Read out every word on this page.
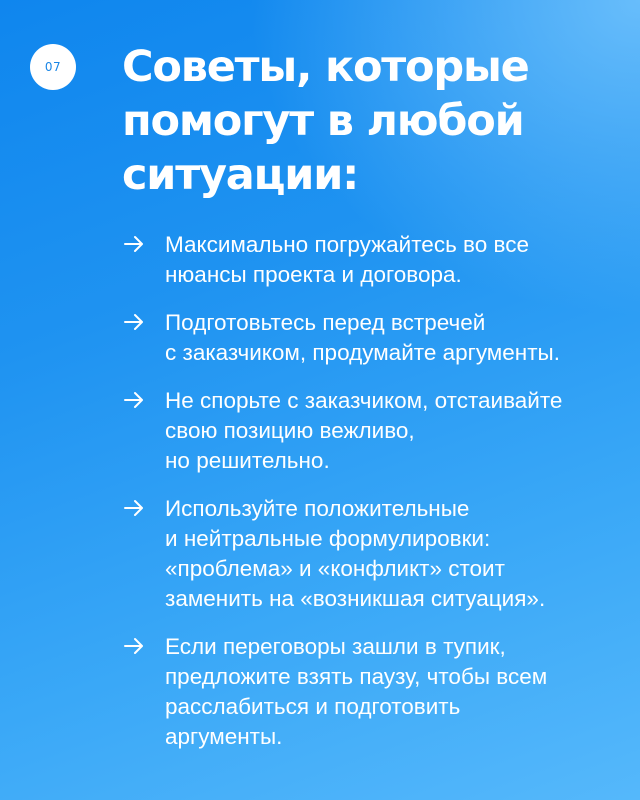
07	Советы, которые
помогут в любой
ситуации:
Максимально погружайтесь во все
нюансы проекта и договора.
Подготовьтесь перед встречей
с заказчиком, продумайте аргументы.
Не спорьте с заказчиком, отстаивайте
свою позицию вежливо,
но решительно.
Используйте положительные
и нейтральные формулировки:
«проблема» и «конфликт» стоит
заменить на «возникшая ситуация».
Если переговоры зашли в тупик,
предложите взять паузу, чтобы всем
расслабиться и подготовить
аргументы.
